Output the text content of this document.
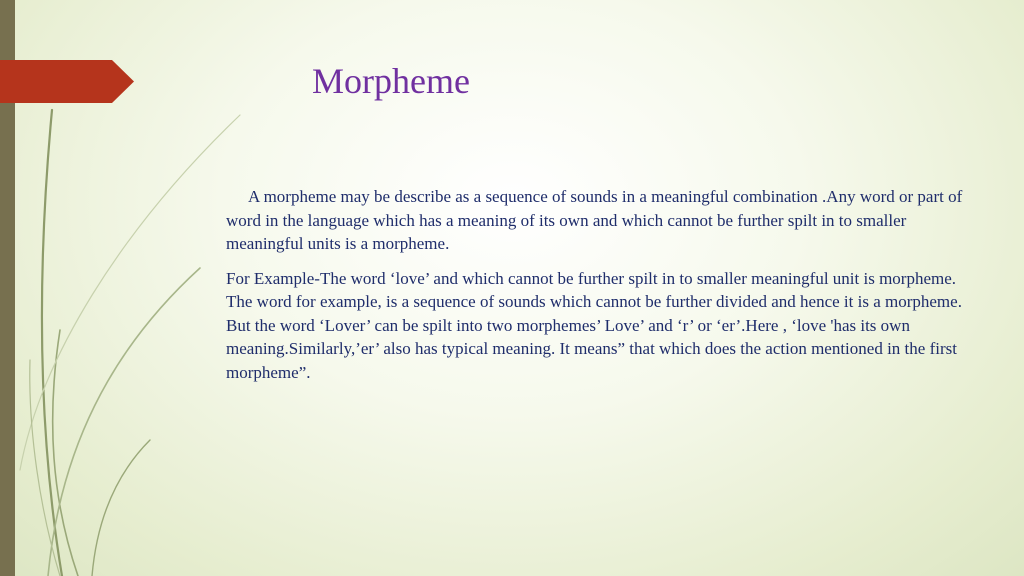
Morpheme

A morpheme may be describe as a sequence of sounds in a meaningful combination .Any word or part of word in the language which has a meaning of its own and which cannot be further spilt in to smaller meaningful units is a morpheme.

For Example-The word ‘love’ and which cannot be further spilt in to smaller meaningful unit is morpheme. The word for example, is a sequence of sounds which cannot be further divided and hence it is a morpheme. But the word ‘Lover’ can be spilt into two morphemes’ Love’ and ‘r’ or ‘er’.Here , ‘love 'has its own meaning.Similarly,’er’ also has typical meaning. It means” that which does the action mentioned in the first morpheme”.
